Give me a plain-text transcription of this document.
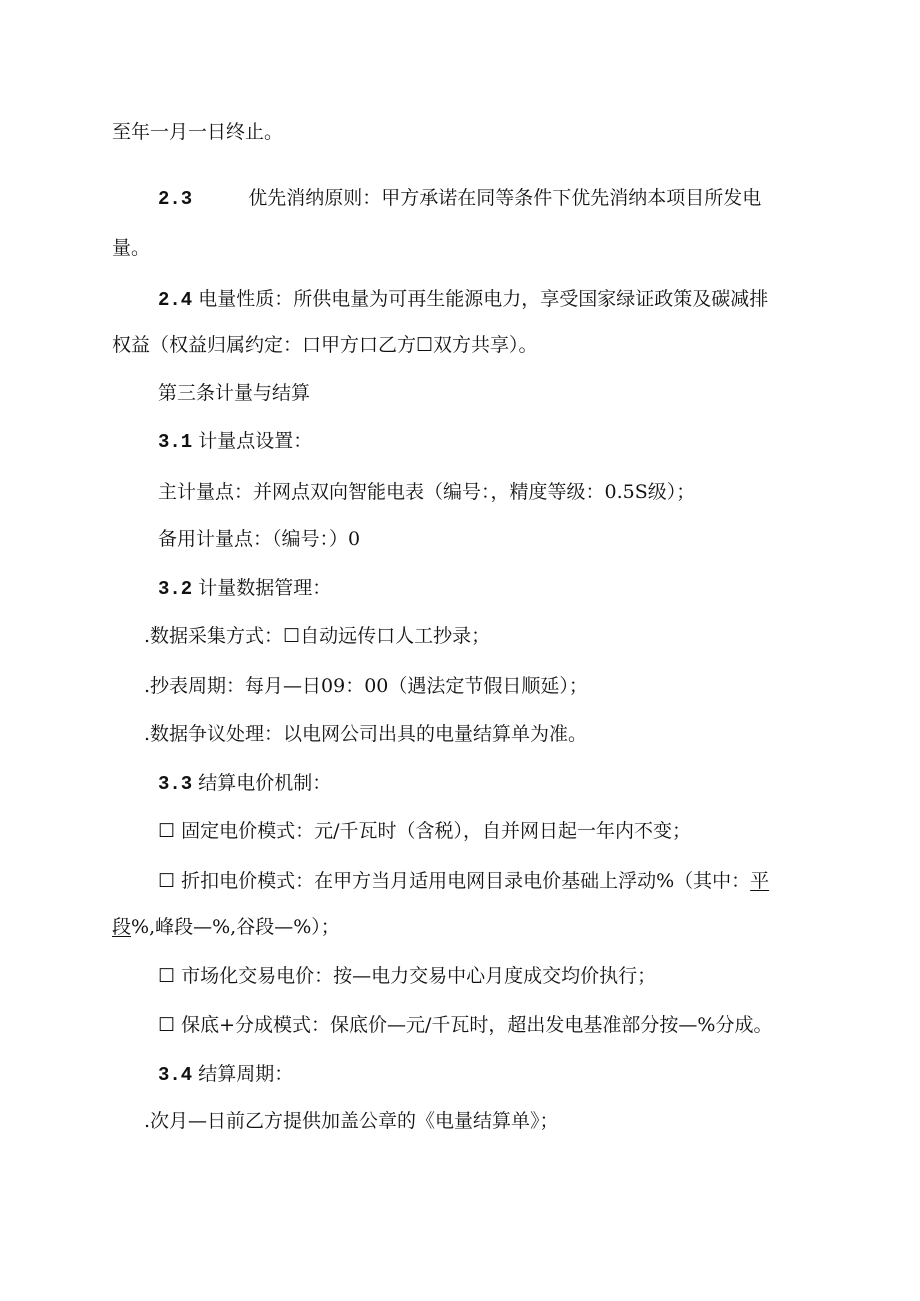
至年一月一日终止。
2.3	优先消纳原则：甲方承诺在同等条件下优先消纳本项目所发电
量。
2.4 电量性质：所供电量为可再生能源电力，享受国家绿证政策及碳减排
权益（权益归属约定：口甲方口乙方☐双方共享）。
第三条计量与结算
3.1 计量点设置：
主计量点：并网点双向智能电表（编号：，精度等级：0.5S级）；
备用计量点：（编号：）0
3.2 计量数据管理：
.数据采集方式：☐自动远传口人工抄录；
.抄表周期：每月—日09：00（遇法定节假日顺延）；
.数据争议处理：以电网公司出具的电量结算单为准。
3.3 结算电价机制：
☐ 固定电价模式：元/千瓦时（含税），自并网日起一年内不变；
☐ 折扣电价模式：在甲方当月适用电网目录电价基础上浮动%（其中：平
段%,峰段—%,谷段—%）；
☐ 市场化交易电价：按—电力交易中心月度成交均价执行；
☐ 保底+分成模式：保底价—元/千瓦时，超出发电基准部分按—%分成。
3.4 结算周期：
.次月—日前乙方提供加盖公章的《电量结算单》；
